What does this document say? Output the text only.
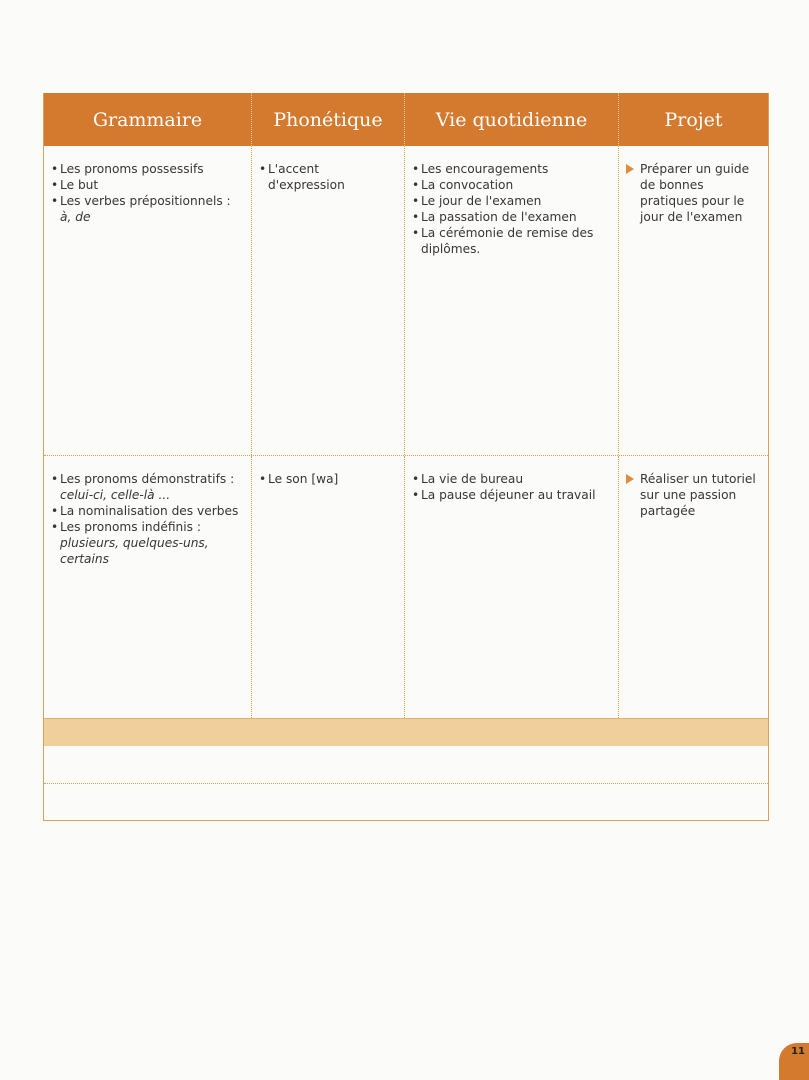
Grammaire	Phonétique	Vie quotidienne	Projet
• Les pronoms possessifs
• Le but
• Les verbes prépositionnels : à, de
• L'accent d'expression
• Les encouragements
• La convocation
• Le jour de l'examen
• La passation de l'examen
• La cérémonie de remise des diplômes.
Préparer un guide de bonnes pratiques pour le jour de l'examen
• Les pronoms démonstratifs : celui-ci, celle-là ...
• La nominalisation des verbes
• Les pronoms indéfinis : plusieurs, quelques-uns, certains
• Le son [wa]
•	La vie de bureau
• La pause déjeuner au travail
Réaliser un tutoriel sur une passion partagée
11
